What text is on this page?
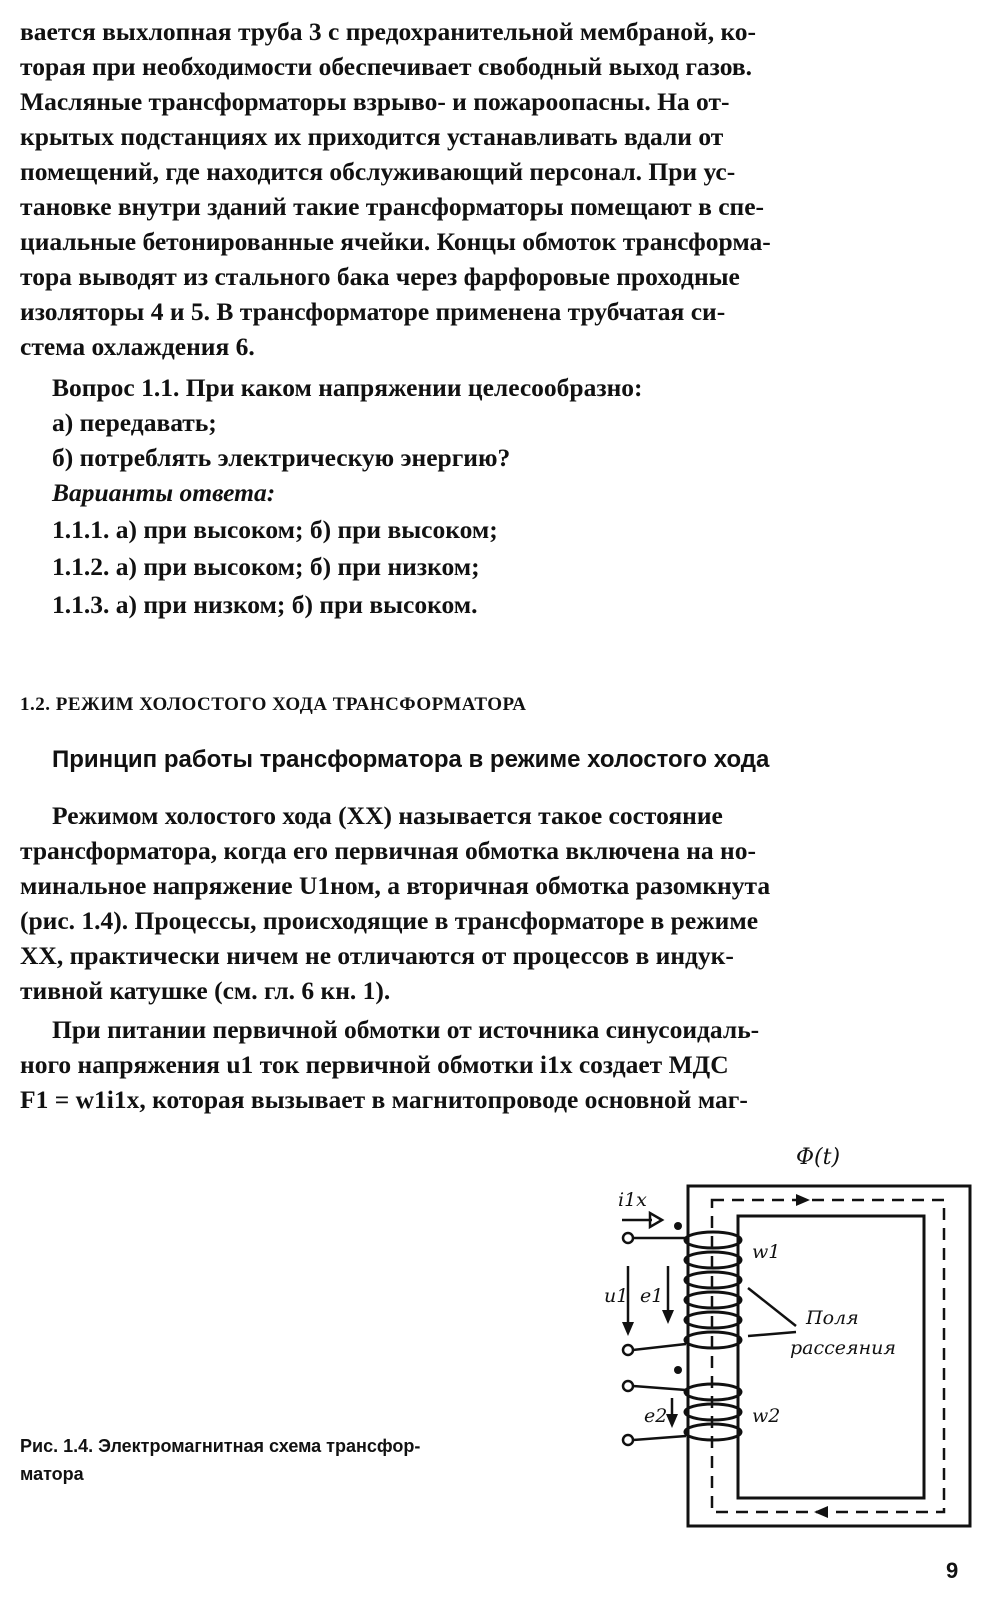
вается выхлопная труба 3 с предохранительной мембраной, ко-
торая при необходимости обеспечивает свободный выход газов.
Масляные трансформаторы взрыво- и пожароопасны. На от-
крытых подстанциях их приходится устанавливать вдали от
помещений, где находится обслуживающий персонал. При ус-
тановке внутри зданий такие трансформаторы помещают в спе-
циальные бетонированные ячейки. Концы обмоток трансформа-
тора выводят из стального бака через фарфоровые проходные
изоляторы 4 и 5. В трансформаторе применена трубчатая си-
стема охлаждения 6.
Вопрос 1.1. При каком напряжении целесообразно:
а) передавать;
б) потреблять электрическую энергию?
Варианты ответа:
1.1.1. а) при высоком; б) при высоком;
1.1.2. а) при высоком; б) при низком;
1.1.3. а) при низком; б) при высоком.
1.2. РЕЖИМ ХОЛОСТОГО ХОДА ТРАНСФОРМАТОРА
Принцип работы трансформатора в режиме холостого хода
Режимом холостого хода (XX) называется такое состояние
трансформатора, когда его первичная обмотка включена на но-
минальное напряжение U1ном, а вторичная обмотка разомкнута
(рис. 1.4). Процессы, происходящие в трансформаторе в режиме
XX, практически ничем не отличаются от процессов в индук-
тивной катушке (см. гл. 6 кн. 1).
При питании первичной обмотки от источника синусоидаль-
ного напряжения u1 ток первичной обмотки i1x создает МДС
F1 = w1i1x, которая вызывает в магнитопроводе основной маг-
Φ(t)
i1x
u1 e1
e2
w1
w2
Поля
рассеяния
Рис. 1.4. Электромагнитная схема трансфор-
матора
9
